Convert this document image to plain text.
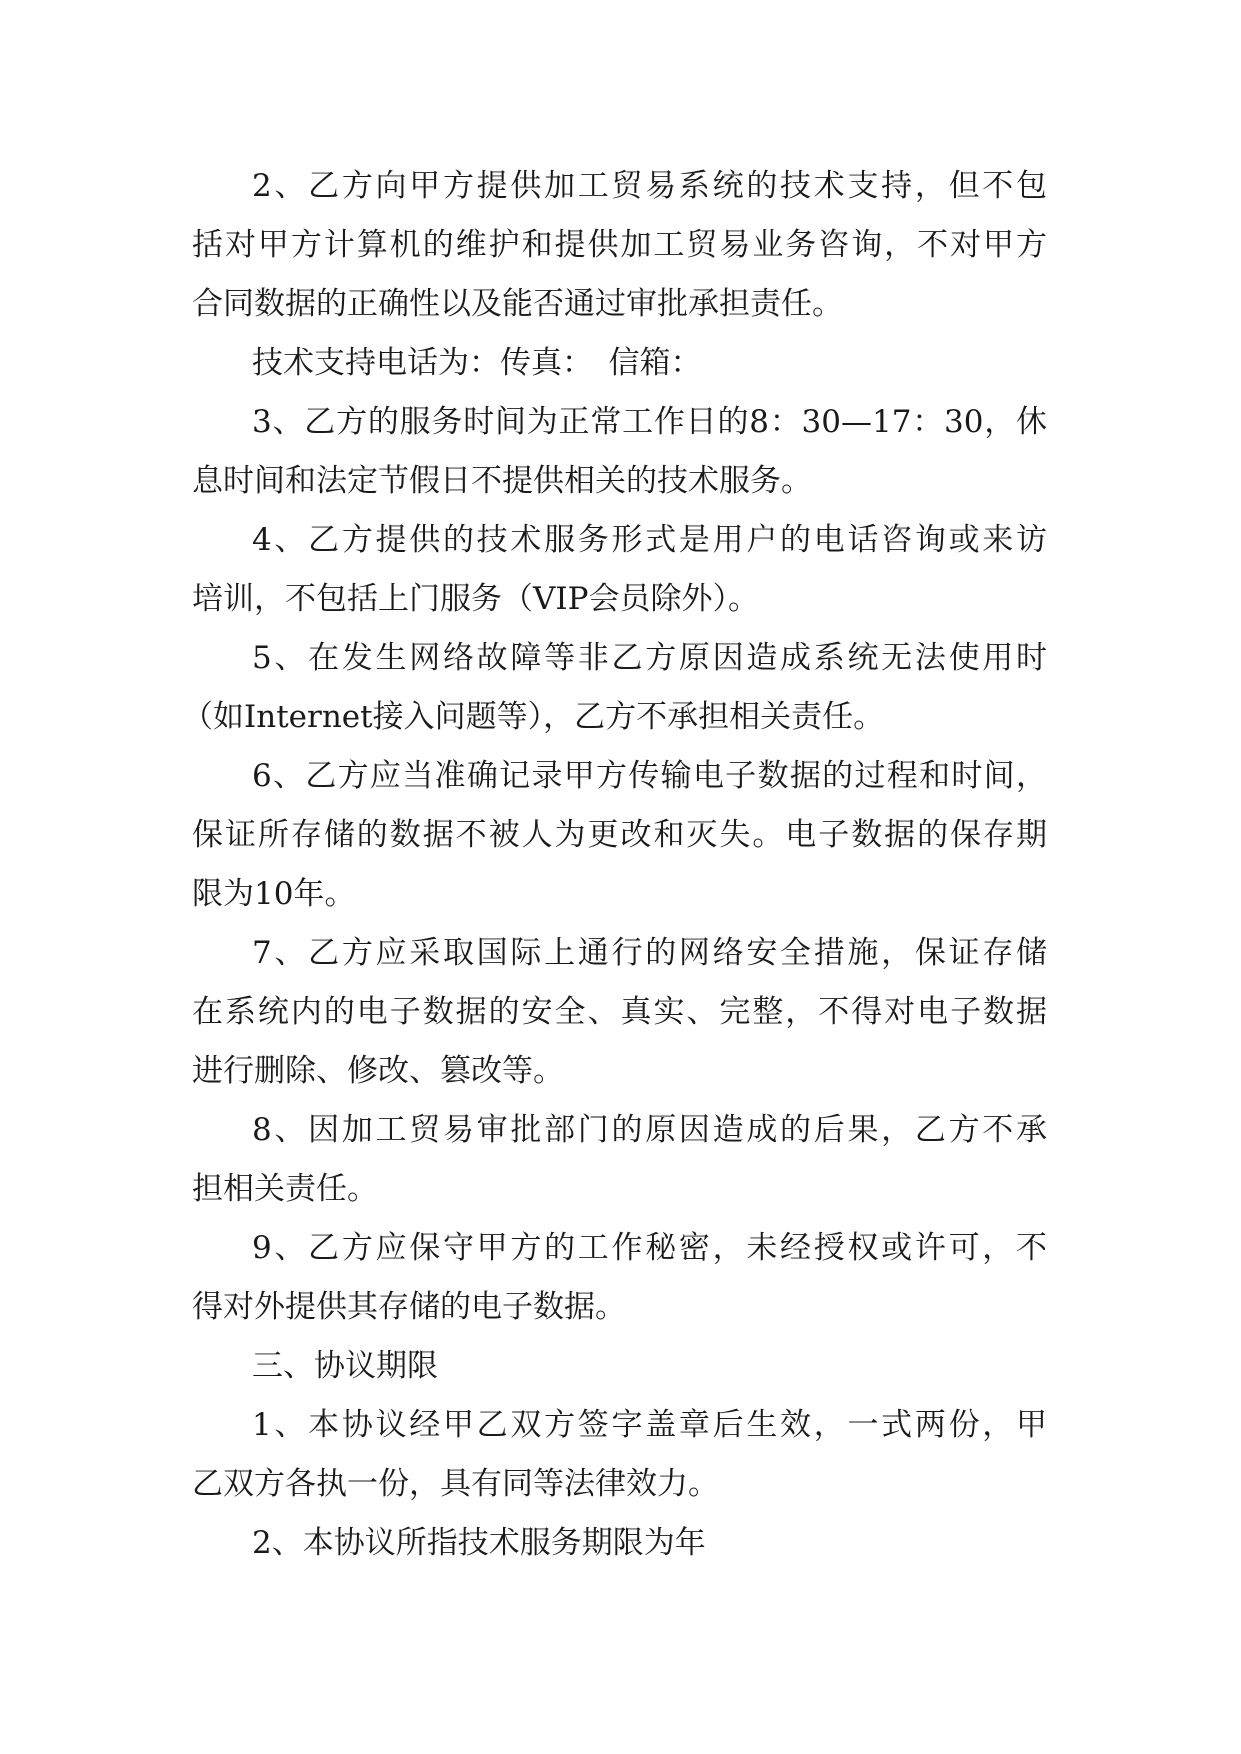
2、乙方向甲方提供加工贸易系统的技术支持，但不包
括对甲方计算机的维护和提供加工贸易业务咨询，不对甲方
合同数据的正确性以及能否通过审批承担责任。
技术支持电话为：传真：　信箱：
3、乙方的服务时间为正常工作日的8：30—17：30，休
息时间和法定节假日不提供相关的技术服务。
4、乙方提供的技术服务形式是用户的电话咨询或来访
培训，不包括上门服务（VIP会员除外）。
5、在发生网络故障等非乙方原因造成系统无法使用时
（如Internet接入问题等），乙方不承担相关责任。
6、乙方应当准确记录甲方传输电子数据的过程和时间，
保证所存储的数据不被人为更改和灭失。电子数据的保存期
限为10年。
7、乙方应采取国际上通行的网络安全措施，保证存储
在系统内的电子数据的安全、真实、完整，不得对电子数据
进行删除、修改、篡改等。
8、因加工贸易审批部门的原因造成的后果，乙方不承
担相关责任。
9、乙方应保守甲方的工作秘密，未经授权或许可，不
得对外提供其存储的电子数据。
三、协议期限
1、本协议经甲乙双方签字盖章后生效，一式两份，甲
乙双方各执一份，具有同等法律效力。
2、本协议所指技术服务期限为年
